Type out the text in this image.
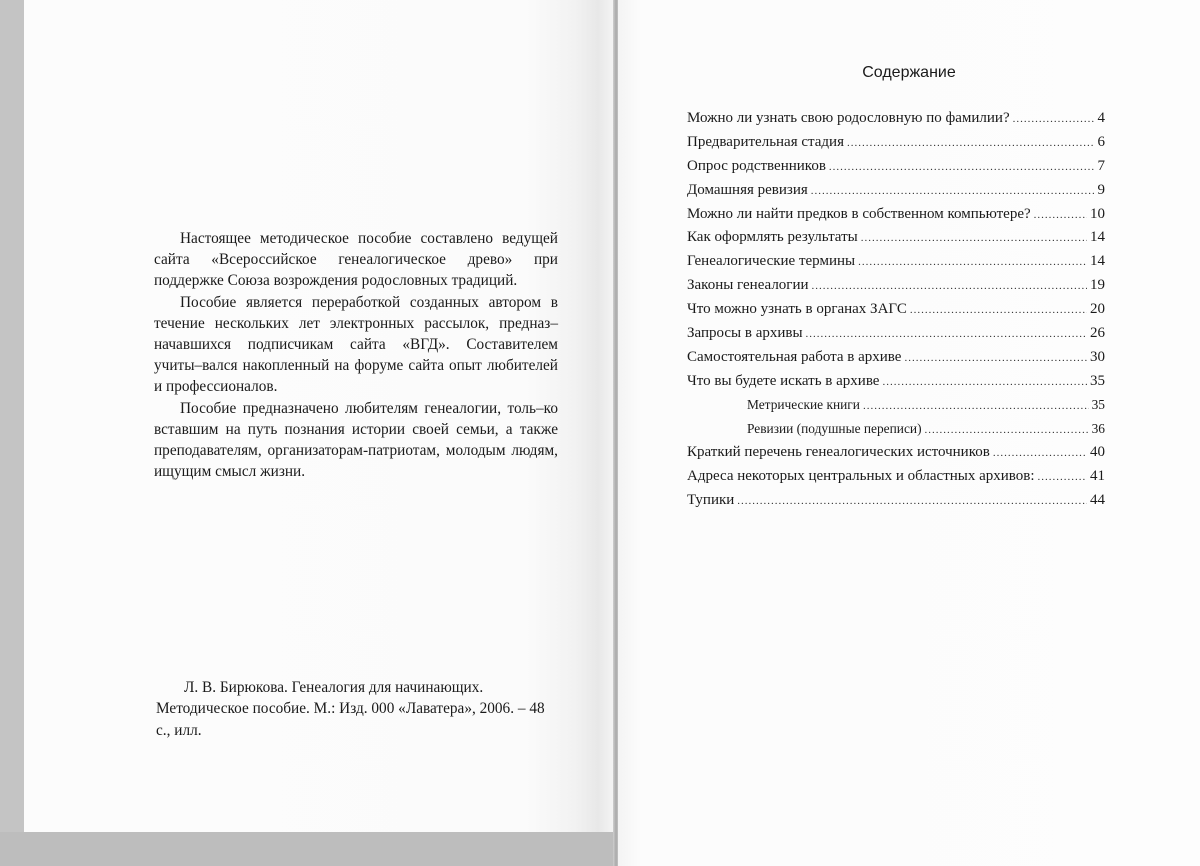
Настоящее методическое пособие составлено ведущей сайта «Всероссийское генеалогическое древо» при поддержке Союза возрождения родословных традиций.

Пособие является переработкой созданных автором в течение нескольких лет электронных рассылок, предназ–начавшихся подписчикам сайта «ВГД». Составителем учиты–вался накопленный на форуме сайта опыт любителей и профессионалов.

Пособие предназначено любителям генеалогии, толь–ко вставшим на путь познания истории своей семьи, а также преподавателям, организаторам-патриотам, молодым людям, ищущим смысл жизни.

Л. В. Бирюкова. Генеалогия для начинающих. Методическое пособие. М.: Изд. 000 «Лаватера», 2006. – 48 с., илл.

Содержание
Можно ли узнать свою родословную по фамилии? .....	4
Предварительная стадия .....	6
Опрос родственников .....	7
Домашняя ревизия .....	9
Можно ли найти предков в собственном компьютере? .....	10
Как оформлять результаты .....	14
Генеалогические термины .....	14
Законы генеалогии .....	19
Что можно узнать в органах ЗАГС .....	20
Запросы в архивы .....	26
Самостоятельная работа в архиве .....	30
Что вы будете искать в архиве .....	35
Метрические книги .....	35
Ревизии (подушные переписи) .....	36
Краткий перечень генеалогических источников .....	40
Адреса некоторых центральных и областных архивов: .....	41
Тупики .....	44
